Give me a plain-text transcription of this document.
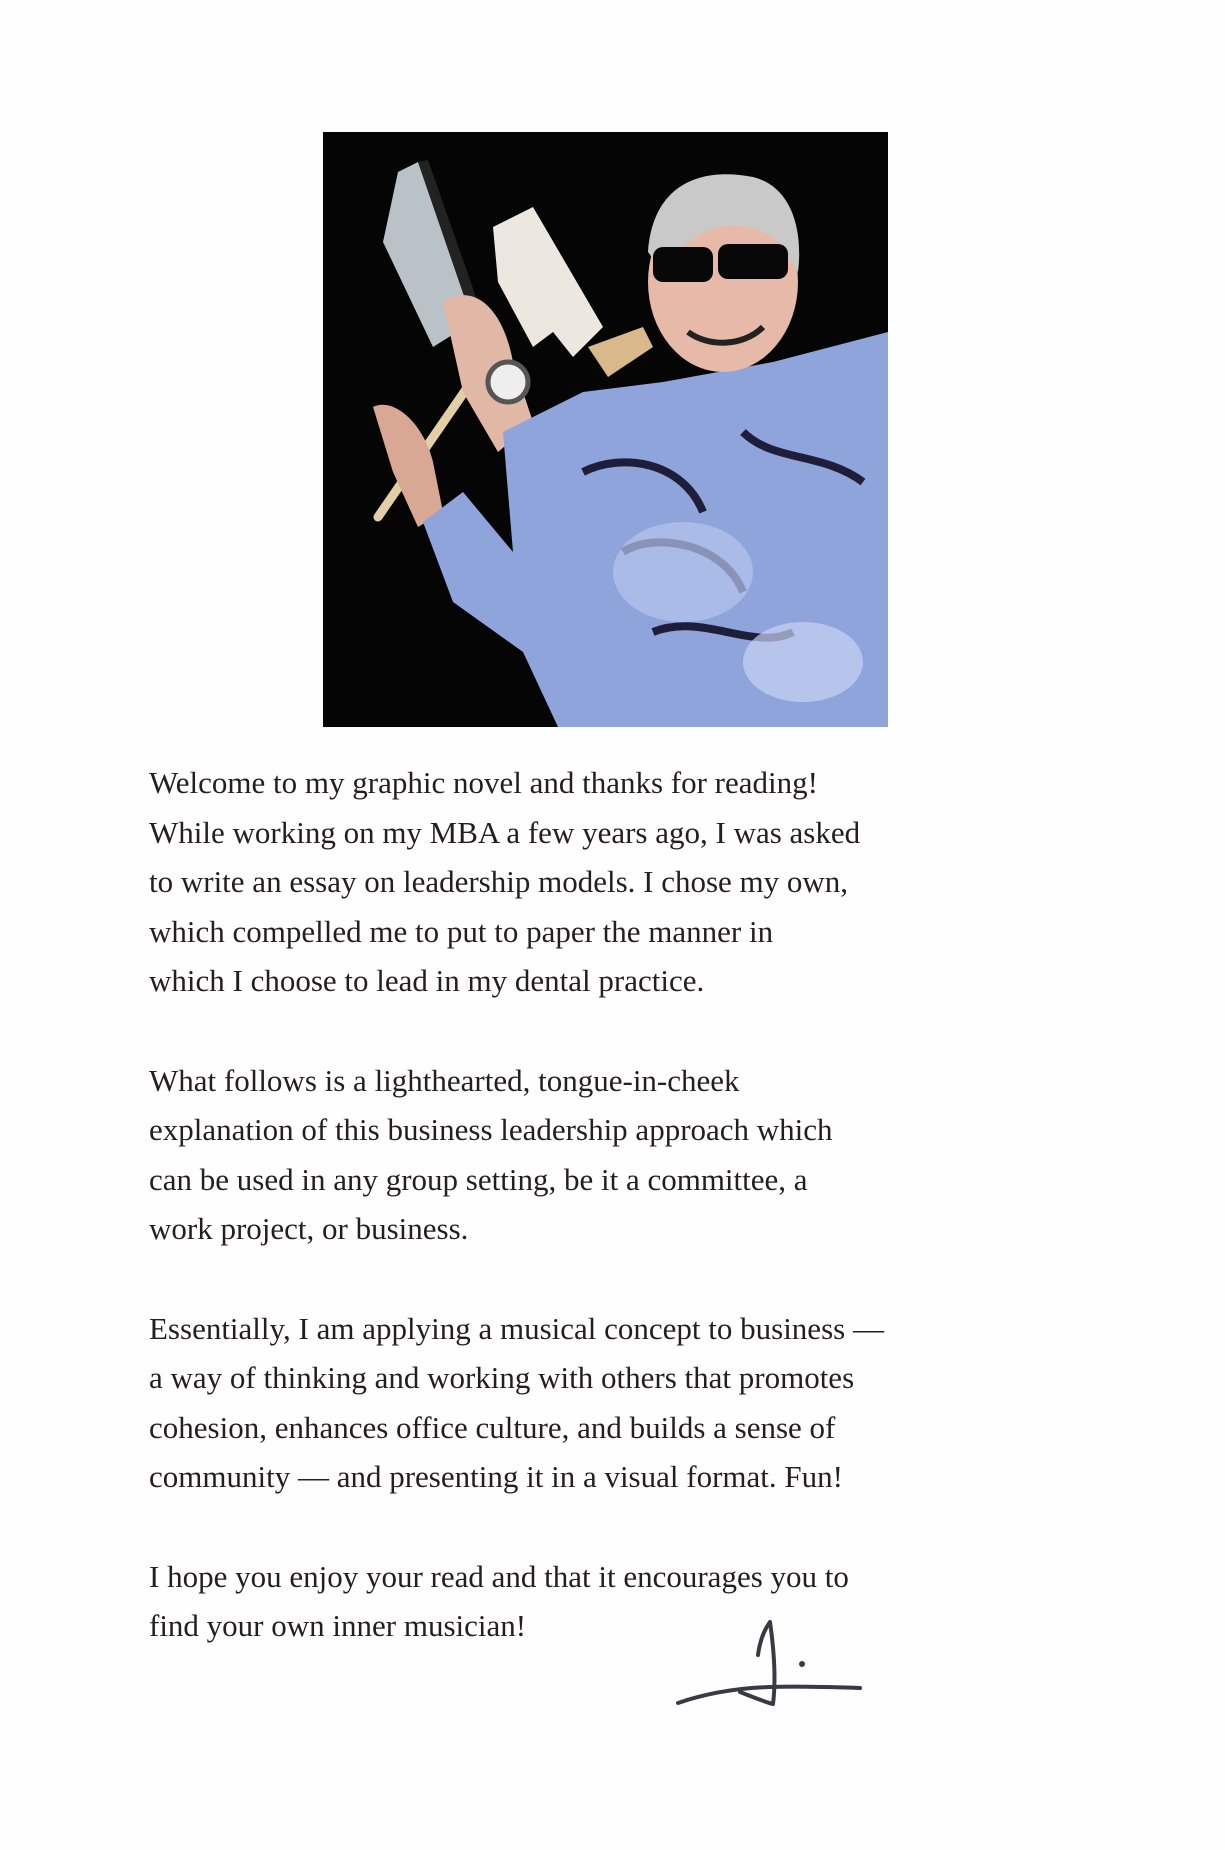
Welcome to my graphic novel and thanks for reading!
While working on my MBA a few years ago, I was asked
to write an essay on leadership models. I chose my own,
which compelled me to put to paper the manner in
which I choose to lead in my dental practice.

What follows is a lighthearted, tongue-in-cheek
explanation of this business leadership approach which
can be used in any group setting, be it a committee, a
work project, or business.

Essentially, I am applying a musical concept to business —
a way of thinking and working with others that promotes
cohesion, enhances office culture, and builds a sense of
community — and presenting it in a visual format. Fun!

I hope you enjoy your read and that it encourages you to
find your own inner musician!
